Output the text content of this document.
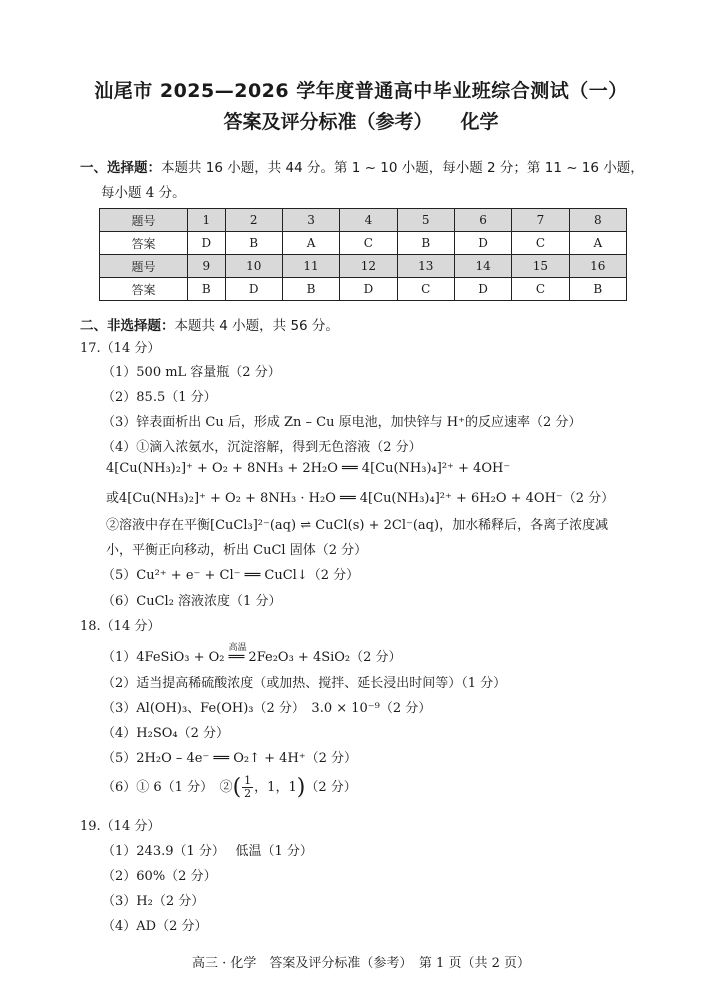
汕尾市 2025—2026 学年度普通高中毕业班综合测试（一）
答案及评分标准（参考） 化学
一、选择题：本题共 16 小题，共 44 分。第 1 ~ 10 小题，每小题 2 分；第 11 ~ 16 小题，
每小题 4 分。
题号	1	2	3	4	5	6	7	8
答案	D	B	A	C	B	D	C	A
题号	9	10	11	12	13	14	15	16
答案	B	D	B	D	C	D	C	B
二、非选择题：本题共 4 小题，共 56 分。
17.（14 分）
（1）500 mL 容量瓶（2 分）
（2）85.5（1 分）
（3）锌表面析出 Cu 后，形成 Zn – Cu 原电池，加快锌与 H⁺的反应速率（2 分）
（4）①滴入浓氨水，沉淀溶解，得到无色溶液（2 分）
4[Cu(NH₃)₂]⁺ + O₂ + 8NH₃ + 2H₂O ══ 4[Cu(NH₃)₄]²⁺ + 4OH⁻
或4[Cu(NH₃)₂]⁺ + O₂ + 8NH₃ · H₂O ══ 4[Cu(NH₃)₄]²⁺ + 6H₂O + 4OH⁻（2 分）
②溶液中存在平衡[CuCl₃]²⁻(aq) ⇌ CuCl(s) + 2Cl⁻(aq)，加水稀释后，各离子浓度减
小，平衡正向移动，析出 CuCl 固体（2 分）
（5）Cu²⁺ + e⁻ + Cl⁻ ══ CuCl↓（2 分）
（6）CuCl₂ 溶液浓度（1 分）
18.（14 分）
（1）4FeSiO₃ + O₂
高温
══ 2Fe₂O₃ + 4SiO₂（2 分）
（2）适当提高稀硫酸浓度（或加热、搅拌、延长浸出时间等）（1 分）
（3）Al(OH)₃、Fe(OH)₃（2 分）　3.0 × 10⁻⁹（2 分）
（4）H₂SO₄（2 分）
（5）2H₂O – 4e⁻ ══ O₂↑ + 4H⁺（2 分）
（6）① 6（1 分）　②( $\frac{1}{2}$ ，1，1)（2 分）
19.（14 分）
（1）243.9（1 分）　 低温（1 分）
（2）60%（2 分）
（3）H₂（2 分）
（4）AD（2 分）
高三 · 化学　答案及评分标准（参考）　第 1 页（共 2 页）
